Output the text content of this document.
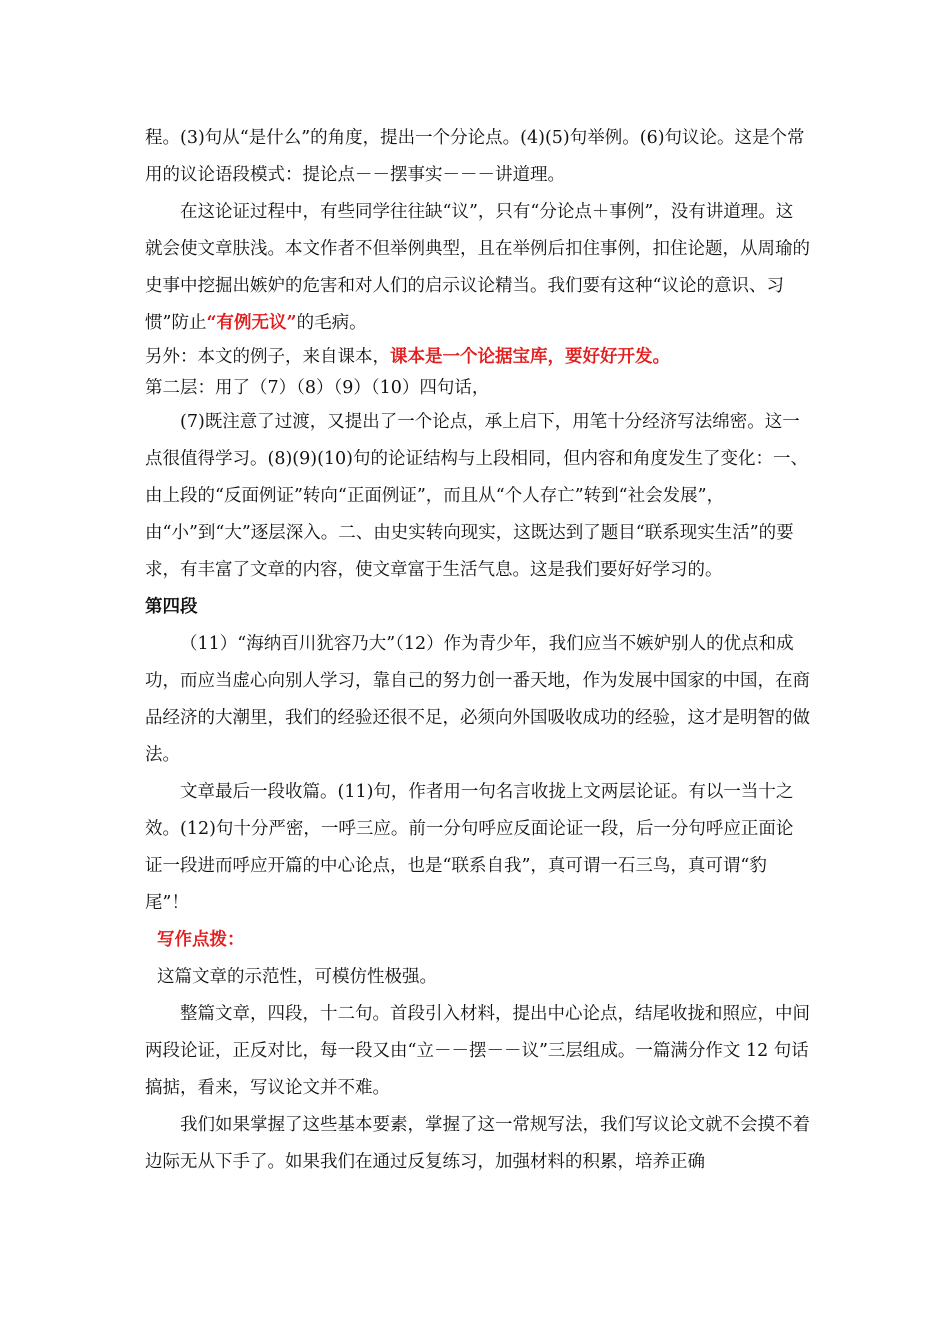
程。(3)句从“是什么”的角度，提出一个分论点。(4)(5)句举例。(6)句议论。这是个常用的议论语段模式：提论点－－摆事实－－－讲道理。

在这论证过程中，有些同学往往缺“议”，只有“分论点＋事例”，没有讲道理。这就会使文章肤浅。本文作者不但举例典型，且在举例后扣住事例，扣住论题，从周瑜的史事中挖掘出嫉妒的危害和对人们的启示议论精当。我们要有这种“议论的意识、习惯”防止“有例无议”的毛病。

另外：本文的例子，来自课本，课本是一个论据宝库，要好好开发。

第二层：用了（7）（8）（9）（10）四句话，

(7)既注意了过渡，又提出了一个论点，承上启下，用笔十分经济写法绵密。这一点很值得学习。(8)(9)(10)句的论证结构与上段相同，但内容和角度发生了变化：一、由上段的“反面例证”转向“正面例证”，而且从“个人存亡”转到“社会发展”，由“小”到“大”逐层深入。二、由史实转向现实，这既达到了题目“联系现实生活”的要求，有丰富了文章的内容，使文章富于生活气息。这是我们要好好学习的。

第四段

（11）“海纳百川犹容乃大”（12）作为青少年，我们应当不嫉妒别人的优点和成功，而应当虚心向别人学习，靠自己的努力创一番天地，作为发展中国家的中国，在商品经济的大潮里，我们的经验还很不足，必须向外国吸收成功的经验，这才是明智的做法。

文章最后一段收篇。(11)句，作者用一句名言收拢上文两层论证。有以一当十之效。(12)句十分严密，一呼三应。前一分句呼应反面论证一段，后一分句呼应正面论证一段进而呼应开篇的中心论点，也是“联系自我”，真可谓一石三鸟，真可谓“豹尾”！

写作点拨：

这篇文章的示范性，可模仿性极强。

整篇文章，四段，十二句。首段引入材料，提出中心论点，结尾收拢和照应，中间两段论证，正反对比，每一段又由“立－－摆－－议”三层组成。一篇满分作文 12 句话搞掂，看来，写议论文并不难。

我们如果掌握了这些基本要素，掌握了这一常规写法，我们写议论文就不会摸不着边际无从下手了。如果我们在通过反复练习，加强材料的积累，培养正确
